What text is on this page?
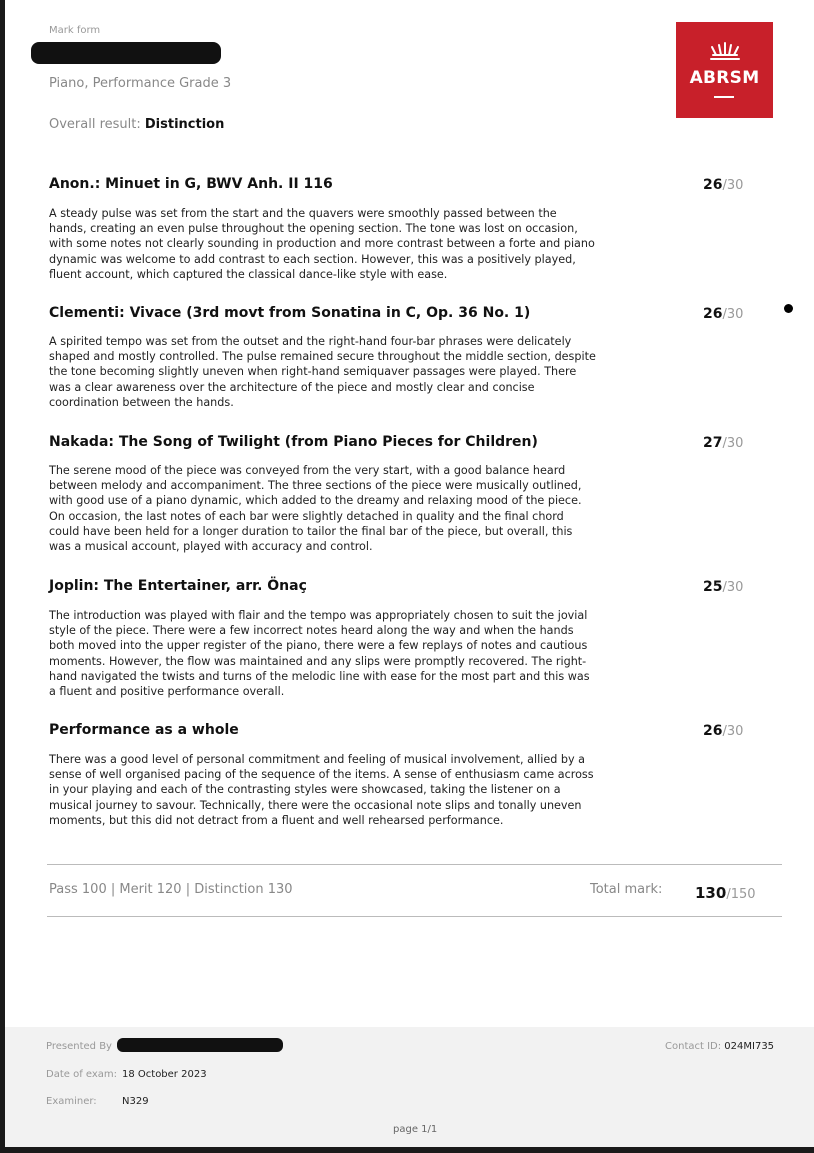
Mark form
Piano, Performance Grade 3
Overall result: Distinction
ABRSM
Anon.: Minuet in G, BWV Anh. II 116	26/30
A steady pulse was set from the start and the quavers were smoothly passed between the hands, creating an even pulse throughout the opening section. The tone was lost on occasion, with some notes not clearly sounding in production and more contrast between a forte and piano dynamic was welcome to add contrast to each section. However, this was a positively played, fluent account, which captured the classical dance-like style with ease.
Clementi: Vivace (3rd movt from Sonatina in C, Op. 36 No. 1)	26/30
A spirited tempo was set from the outset and the right-hand four-bar phrases were delicately shaped and mostly controlled. The pulse remained secure throughout the middle section, despite the tone becoming slightly uneven when right-hand semiquaver passages were played. There was a clear awareness over the architecture of the piece and mostly clear and concise coordination between the hands.
Nakada: The Song of Twilight (from Piano Pieces for Children)	27/30
The serene mood of the piece was conveyed from the very start, with a good balance heard between melody and accompaniment. The three sections of the piece were musically outlined, with good use of a piano dynamic, which added to the dreamy and relaxing mood of the piece. On occasion, the last notes of each bar were slightly detached in quality and the final chord could have been held for a longer duration to tailor the final bar of the piece, but overall, this was a musical account, played with accuracy and control.
Joplin: The Entertainer, arr. Önaç	25/30
The introduction was played with flair and the tempo was appropriately chosen to suit the jovial style of the piece. There were a few incorrect notes heard along the way and when the hands both moved into the upper register of the piano, there were a few replays of notes and cautious moments. However, the flow was maintained and any slips were promptly recovered. The right-hand navigated the twists and turns of the melodic line with ease for the most part and this was a fluent and positive performance overall.
Performance as a whole	26/30
There was a good level of personal commitment and feeling of musical involvement, allied by a sense of well organised pacing of the sequence of the items. A sense of enthusiasm came across in your playing and each of the contrasting styles were showcased, taking the listener on a musical journey to savour. Technically, there were the occasional note slips and tonally uneven moments, but this did not detract from a fluent and well rehearsed performance.
Pass 100 | Merit 120 | Distinction 130	Total mark: 130/150
Presented By	Contact ID: 024MI735
Date of exam: 18 October 2023
Examiner:	N329
page 1/1
